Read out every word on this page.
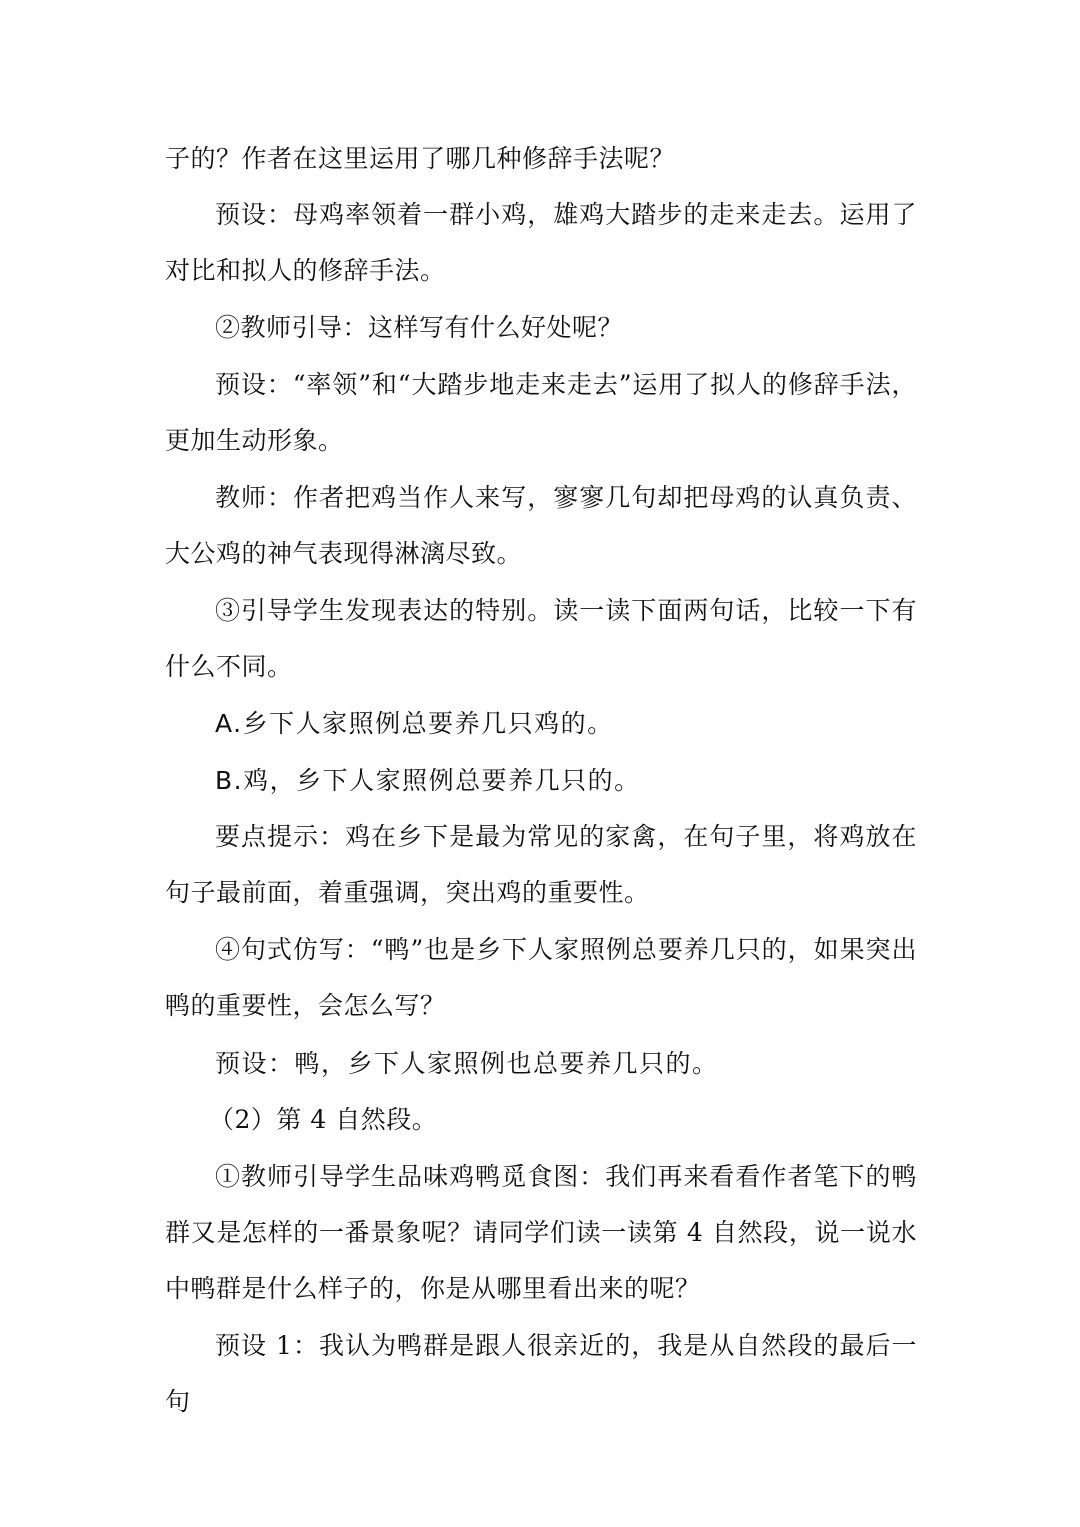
子的？作者在这里运用了哪几种修辞手法呢？

预设：母鸡率领着一群小鸡，雄鸡大踏步的走来走去。运用了对比和拟人的修辞手法。

②教师引导：这样写有什么好处呢？

预设：“率领”和“大踏步地走来走去”运用了拟人的修辞手法，更加生动形象。

教师：作者把鸡当作人来写，寥寥几句却把母鸡的认真负责、大公鸡的神气表现得淋漓尽致。

③引导学生发现表达的特别。读一读下面两句话，比较一下有什么不同。

A.乡下人家照例总要养几只鸡的。

B.鸡，乡下人家照例总要养几只的。

要点提示：鸡在乡下是最为常见的家禽，在句子里，将鸡放在句子最前面，着重强调，突出鸡的重要性。

④句式仿写：“鸭”也是乡下人家照例总要养几只的，如果突出鸭的重要性，会怎么写？

预设：鸭，乡下人家照例也总要养几只的。

（2）第 4 自然段。

①教师引导学生品味鸡鸭觅食图：我们再来看看作者笔下的鸭群又是怎样的一番景象呢？请同学们读一读第 4 自然段，说一说水中鸭群是什么样子的，你是从哪里看出来的呢？

预设 1：我认为鸭群是跟人很亲近的，我是从自然段的最后一句
